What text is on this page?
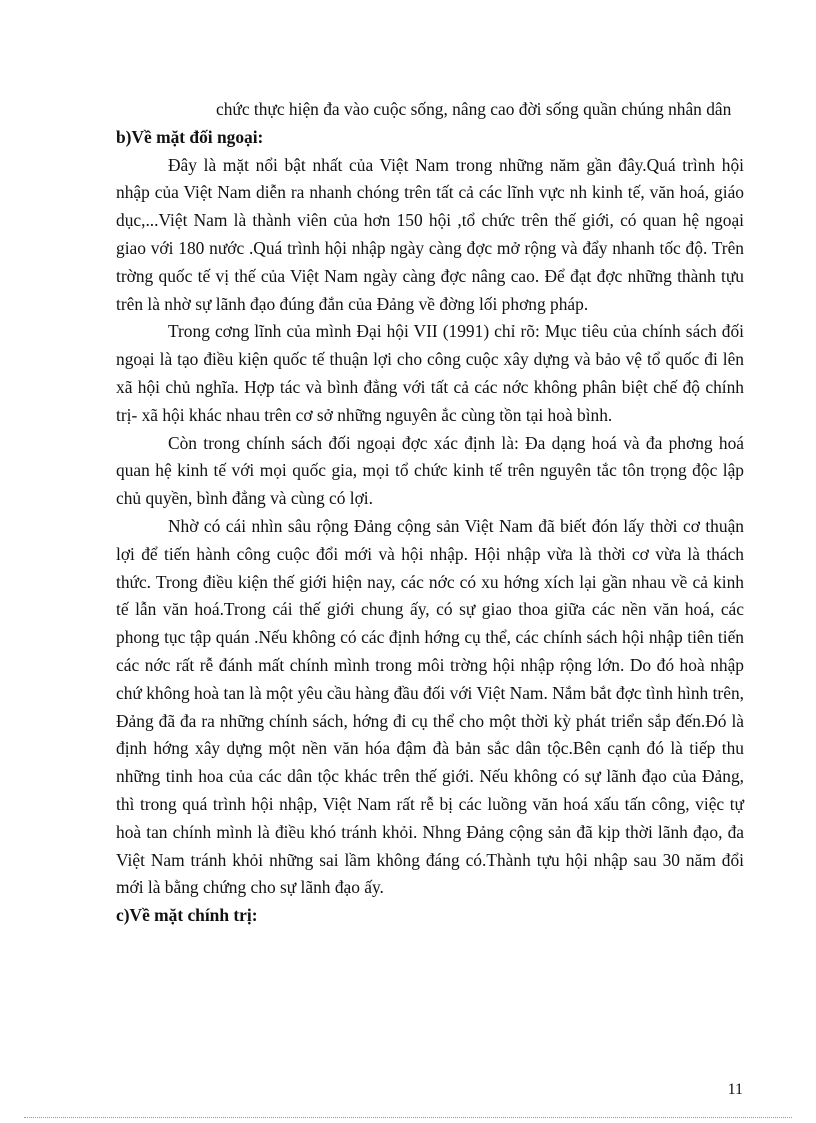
chức thực hiện đa vào cuộc sống, nâng cao đời sống quần chúng nhân dân

b)Về mặt đối ngoại:

Đây là mặt nổi bật nhất của Việt Nam trong những năm gần đây.Quá trình hội nhập của Việt Nam diễn ra nhanh chóng trên tất cả các lĩnh vực nh kinh tế, văn hoá, giáo dục,...Việt Nam là thành viên của hơn 150 hội ,tổ chức trên thế giới, có quan hệ ngoại giao với 180 nước .Quá trình hội nhập ngày càng đợc mở rộng và đẩy nhanh tốc độ. Trên trờng quốc tế vị thế của Việt Nam ngày càng đợc nâng cao. Để đạt đợc những thành tựu trên là nhờ sự lãnh đạo đúng đắn của Đảng về đờng lối phơng pháp.

Trong cơng lĩnh của mình Đại hội VII (1991) chỉ rõ: Mục tiêu của chính sách đối ngoại là tạo điều kiện quốc tế thuận lợi cho công cuộc xây dựng và bảo vệ tổ quốc đi lên xã hội chủ nghĩa. Hợp tác và bình đẳng với tất cả các nớc không phân biệt chế độ chính trị- xã hội khác nhau trên cơ sở những nguyên ắc cùng tồn tại hoà bình.

Còn trong chính sách đối ngoại đợc xác định là: Đa dạng hoá và đa phơng hoá quan hệ kinh tế với mọi quốc gia, mọi tổ chức kinh tế trên nguyên tắc tôn trọng độc lập chủ quyền, bình đẳng và cùng có lợi.

Nhờ có cái nhìn sâu rộng Đảng cộng sản Việt Nam đã biết đón lấy thời cơ thuận lợi để tiến hành công cuộc đổi mới và hội nhập. Hội nhập vừa là thời cơ vừa là thách thức. Trong điều kiện thế giới hiện nay, các nớc có xu hớng xích lại gần nhau về cả kinh tế lẫn văn hoá.Trong cái thế giới chung ấy, có sự giao thoa giữa các nền văn hoá, các phong tục tập quán .Nếu không có các định hớng cụ thể, các chính sách hội nhập tiên tiến các nớc rất rễ đánh mất chính mình trong môi trờng hội nhập rộng lớn. Do đó hoà nhập chứ không hoà tan là một yêu cầu hàng đầu đối với Việt Nam. Nắm bắt đợc tình hình trên, Đảng đã đa ra những chính sách, hớng đi cụ thể cho một thời kỳ phát triển sắp đến.Đó là định hớng xây dựng một nền văn hóa đậm đà bản sắc dân tộc.Bên cạnh đó là tiếp thu những tinh hoa của các dân tộc khác trên thế giới. Nếu không có sự lãnh đạo của Đảng, thì trong quá trình hội nhập, Việt Nam rất rễ bị các luồng văn hoá xấu tấn công, việc tự hoà tan chính mình là điều khó tránh khỏi. Nhng Đảng cộng sản đã kịp thời lãnh đạo, đa Việt Nam tránh khỏi những sai lầm không đáng có.Thành tựu hội nhập sau 30 năm đổi mới là bằng chứng cho sự lãnh đạo ấy.

c)Về mặt chính trị:

11
